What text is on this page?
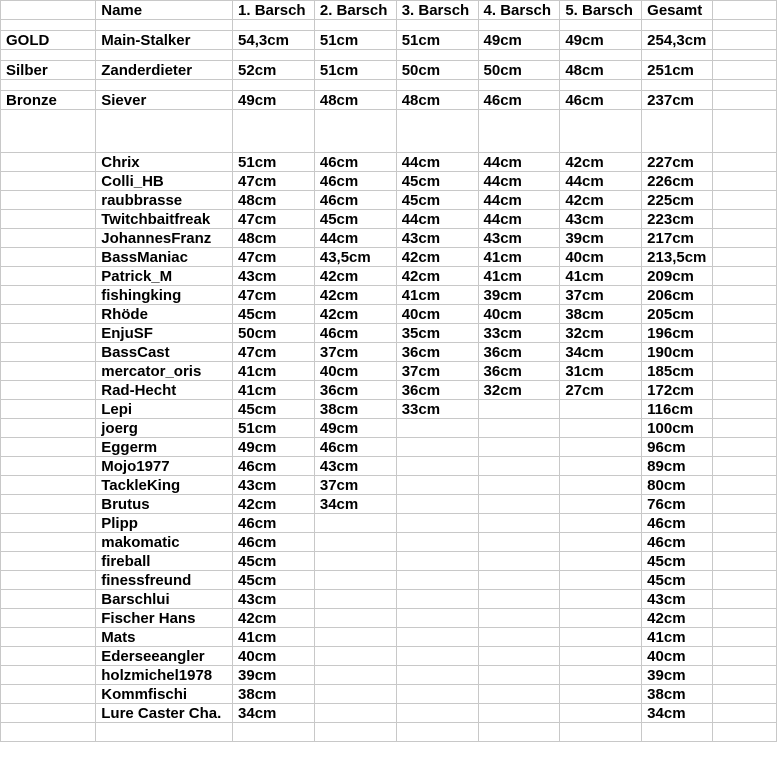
	Name	1. Barsch	2. Barsch	3. Barsch	4. Barsch	5. Barsch	Gesamt	

GOLD	Main-Stalker	54,3cm	51cm	51cm	49cm	49cm	254,3cm	

Silber	Zanderdieter	52cm	51cm	50cm	50cm	48cm	251cm	

Bronze	Siever	49cm	48cm	48cm	46cm	46cm	237cm	

	Chrix	51cm	46cm	44cm	44cm	42cm	227cm	
	Colli_HB	47cm	46cm	45cm	44cm	44cm	226cm	
	raubbrasse	48cm	46cm	45cm	44cm	42cm	225cm	
	Twitchbaitfreak	47cm	45cm	44cm	44cm	43cm	223cm	
	JohannesFranz	48cm	44cm	43cm	43cm	39cm	217cm	
	BassManiac	47cm	43,5cm	42cm	41cm	40cm	213,5cm	
	Patrick_M	43cm	42cm	42cm	41cm	41cm	209cm	
	fishingking	47cm	42cm	41cm	39cm	37cm	206cm	
	Rhöde	45cm	42cm	40cm	40cm	38cm	205cm	
	EnjuSF	50cm	46cm	35cm	33cm	32cm	196cm	
	BassCast	47cm	37cm	36cm	36cm	34cm	190cm	
	mercator_oris	41cm	40cm	37cm	36cm	31cm	185cm	
	Rad-Hecht	41cm	36cm	36cm	32cm	27cm	172cm	
	Lepi	45cm	38cm	33cm			116cm	
	joerg	51cm	49cm				100cm	
	Eggerm	49cm	46cm				96cm	
	Mojo1977	46cm	43cm				89cm	
	TackleKing	43cm	37cm				80cm	
	Brutus	42cm	34cm				76cm	
	Plipp	46cm					46cm	
	makomatic	46cm					46cm	
	fireball	45cm					45cm	
	finessfreund	45cm					45cm	
	Barschlui	43cm					43cm	
	Fischer Hans	42cm					42cm	
	Mats	41cm					41cm	
	Ederseeangler	40cm					40cm	
	holzmichel1978	39cm					39cm	
	Kommfischi	38cm					38cm	
	Lure Caster Cha.	34cm					34cm	
